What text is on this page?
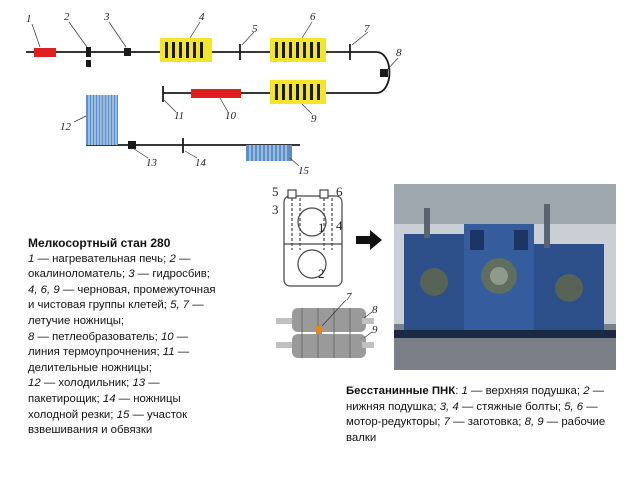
1	2	3	4
5
6
7
8
9
10
11
12
13	14
15
5	6
3
4
1
2
7
8
9
Мелкосортный стан 280
1 — нагревательная печь; 2 — окалиноломатель; 3 — гидросбив; 4, 6, 9 — черновая, промежуточная и чистовая группы клетей; 5, 7 — летучие ножницы;
8 — петлеобразователь; 10 — линия термоупрочнения; 11 — делительные ножницы;
12 — холодильник; 13 — пакетирощик; 14 — ножницы холодной резки; 15 — участок взвешивания и обвязки
Бесстанинные ПНК: 1 — верхняя подушка; 2 — нижняя подушка; 3, 4 — стяжные болты; 5, 6 — мотор-редукторы; 7 — заготовка; 8, 9 — рабочие валки
